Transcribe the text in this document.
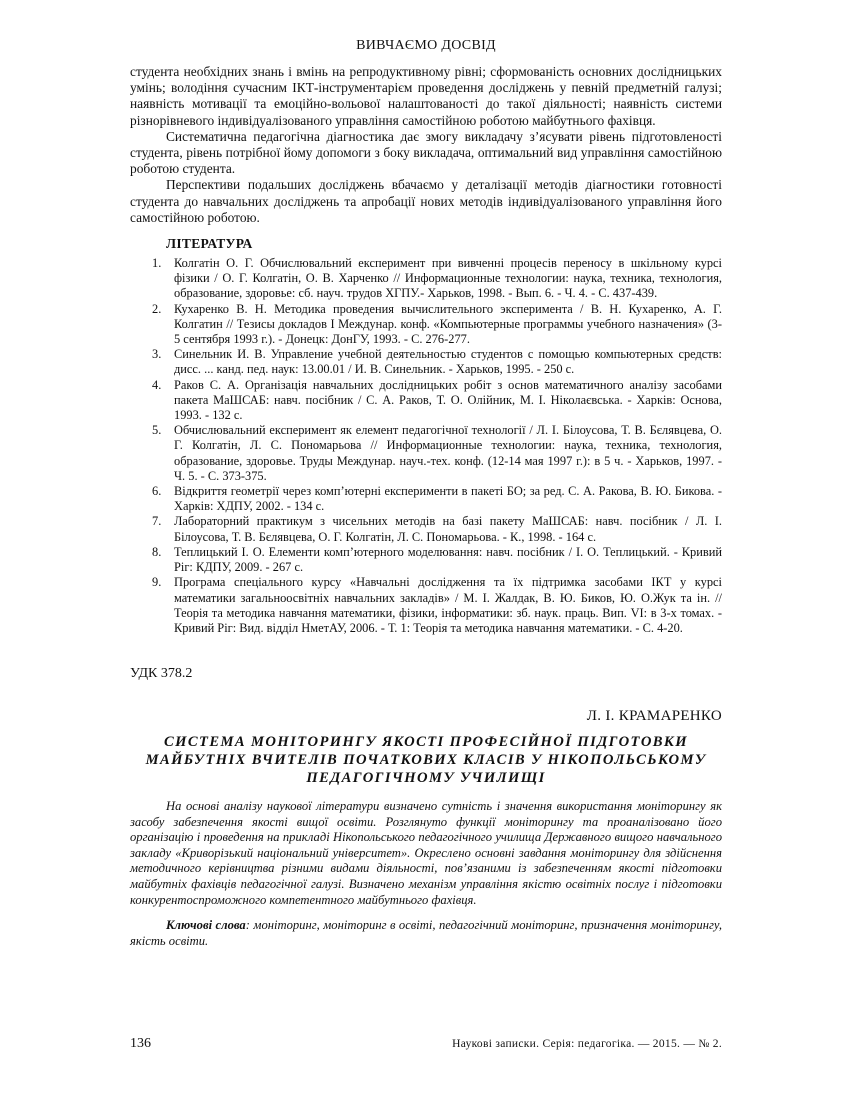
ВИВЧАЄМО ДОСВІД

студента необхідних знань і вмінь на репродуктивному рівні; сформованість основних дослідницьких умінь; володіння сучасним ІКТ-інструментарієм проведення досліджень у певній предметній галузі; наявність мотивації та емоційно-вольової налаштованості до такої діяльності; наявність системи різнорівневого індивідуалізованого управління самостійною роботою майбутнього фахівця.

Систематична педагогічна діагностика дає змогу викладачу з’ясувати рівень підготовленості студента, рівень потрібної йому допомоги з боку викладача, оптимальний вид управління самостійною роботою студента.

Перспективи подальших досліджень вбачаємо у деталізації методів діагностики готовності студента до навчальних досліджень та апробації нових методів індивідуалізованого управління його самостійною роботою.

ЛІТЕРАТУРА
1. Колгатін О. Г. Обчислювальний експеримент при вивченні процесів переносу в шкільному курсі фізики / О. Г. Колгатін, О. В. Харченко // Информационные технологии: наука, техника, технология, образование, здоровье: сб. науч. трудов ХГПУ.- Харьков, 1998. - Вып. 6. - Ч. 4. - С. 437-439.
2. Кухаренко В. Н. Методика проведения вычислительного эксперимента / В. Н. Кухаренко, А. Г. Колгатин // Тезисы докладов I Междунар. конф. «Компьютерные программы учебного назначения» (3-5 сентября 1993 г.). - Донецк: ДонГУ, 1993. - С. 276-277.
3. Синельник И. В. Управление учебной деятельностью студентов с помощью компьютерных средств: дисс. ... канд. пед. наук: 13.00.01 / И. В. Синельник. - Харьков, 1995. - 250 с.
4. Раков С. А. Організація навчальних дослідницьких робіт з основ математичного аналізу засобами пакета МаШСАБ: навч. посібник / С. А. Раков, Т. О. Олійник, М. І. Ніколаєвська. - Харків: Основа, 1993. - 132 с.
5. Обчислювальний експеримент як елемент педагогічної технології / Л. І. Білоусова, Т. В. Бєлявцева, О. Г. Колгатін, Л. С. Пономарьова // Информационные технологии: наука, техника, технология, образование, здоровье. Труды Междунар. науч.-тех. конф. (12-14 мая 1997 г.): в 5 ч. - Харьков, 1997. - Ч. 5. - С. 373-375.
6. Відкриття геометрії через комп’ютерні експерименти в пакеті БО; за ред. С. А. Ракова, В. Ю. Бикова. - Харків: ХДПУ, 2002. - 134 с.
7. Лабораторний практикум з чисельних методів на базі пакету МаШСАБ: навч. посібник / Л. І. Білоусова, Т. В. Бєлявцева, О. Г. Колгатін, Л. С. Пономарьова. - К., 1998. - 164 с.
8. Теплицький І. О. Елементи комп’ютерного моделювання: навч. посібник / І. О. Теплицький. - Кривий Ріг: КДПУ, 2009. - 267 с.
9. Програма спеціального курсу «Навчальні дослідження та їх підтримка засобами ІКТ у курсі математики загальноосвітніх навчальних закладів» / М. І. Жалдак, В. Ю. Биков, Ю. О.Жук та ін. // Теорія та методика навчання математики, фізики, інформатики: зб. наук. праць. Вип. VI: в 3-х томах. - Кривий Ріг: Вид. відділ НметАУ, 2006. - Т. 1: Теорія та методика навчання математики. - С. 4-20.
УДК 378.2
Л. І. КРАМАРЕНКО
СИСТЕМА МОНІТОРИНГУ ЯКОСТІ ПРОФЕСІЙНОЇ ПІДГОТОВКИ
МАЙБУТНІХ ВЧИТЕЛІВ ПОЧАТКОВИХ КЛАСІВ У НІКОПОЛЬСЬКОМУ
ПЕДАГОГІЧНОМУ УЧИЛИЩІ

На основі аналізу наукової літератури визначено сутність і значення використання моніторингу як засобу забезпечення якості вищої освіти. Розглянуто функції моніторингу та проаналізовано його організацію і проведення на прикладі Нікопольського педагогічного училища Державного вищого навчального закладу «Криворізький національний університет». Окреслено основні завдання моніторингу для здійснення методичного керівництва різними видами діяльності, пов’язаними із забезпеченням якості підготовки майбутніх фахівців педагогічної галузі. Визначено механізм управління якістю освітніх послуг і підготовки конкурентоспроможного компетентного майбутнього фахівця.

Ключові слова: моніторинг, моніторинг в освіті, педагогічний моніторинг, призначення моніторингу, якість освіти.

136	Наукові записки. Серія: педагогіка. — 2015. — № 2.
